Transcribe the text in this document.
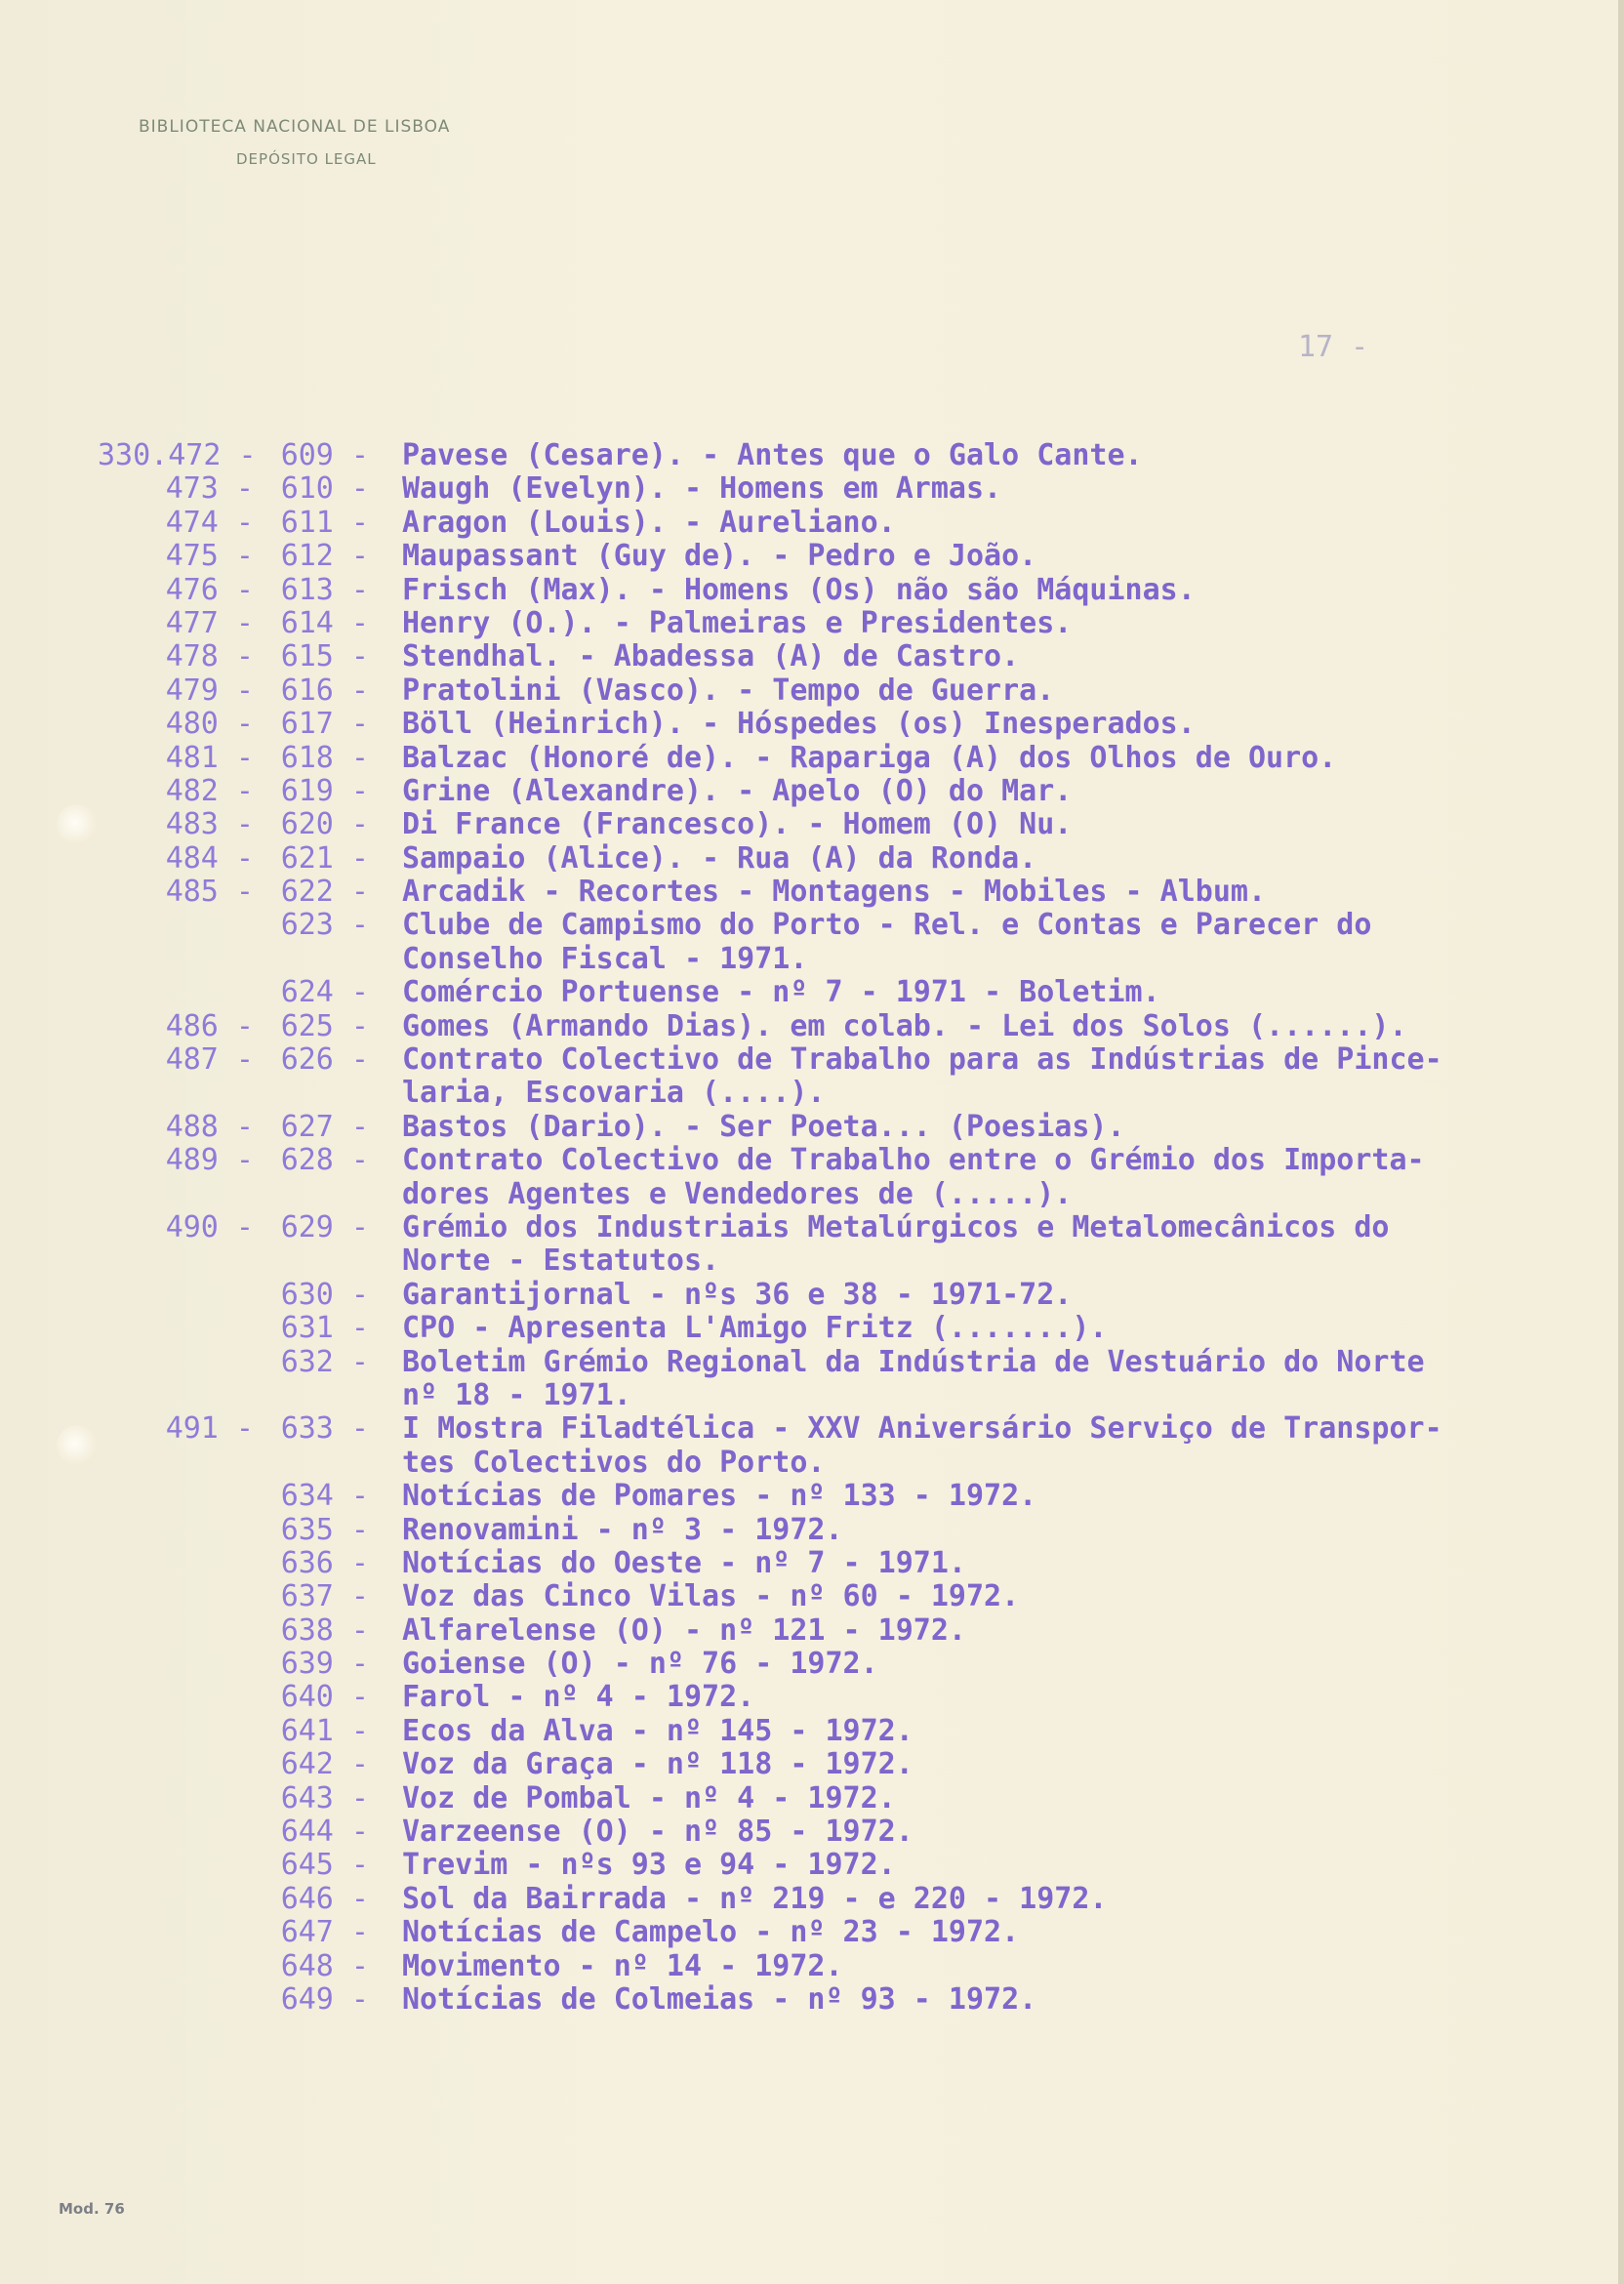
BIBLIOTECA NACIONAL DE LISBOA
DEPÓSITO LEGAL
17 -
330.472 - 609 - Pavese (Cesare). - Antes que o Galo Cante.
473 - 610 - Waugh (Evelyn). - Homens em Armas.
474 - 611 - Aragon (Louis). - Aureliano.
475 - 612 - Maupassant (Guy de). - Pedro e João.
476 - 613 - Frisch (Max). - Homens (Os) não são Máquinas.
477 - 614 - Henry (O.). - Palmeiras e Presidentes.
478 - 615 - Stendhal. - Abadessa (A) de Castro.
479 - 616 - Pratolini (Vasco). - Tempo de Guerra.
480 - 617 - Böll (Heinrich). - Hóspedes (os) Inesperados.
481 - 618 - Balzac (Honoré de). - Rapariga (A) dos Olhos de Ouro.
482 - 619 - Grine (Alexandre). - Apelo (O) do Mar.
483 - 620 - Di France (Francesco). - Homem (O) Nu.
484 - 621 - Sampaio (Alice). - Rua (A) da Ronda.
485 - 622 - Arcadik - Recortes - Montagens - Mobiles - Album.
623 - Clube de Campismo do Porto - Rel. e Contas e Parecer do
Conselho Fiscal - 1971.
624 - Comércio Portuense - nº 7 - 1971 - Boletim.
486 - 625 - Gomes (Armando Dias). em colab. - Lei dos Solos (......).
487 - 626 - Contrato Colectivo de Trabalho para as Indústrias de Pince-
laria, Escovaria (....).
488 - 627 - Bastos (Dario). - Ser Poeta... (Poesias).
489 - 628 - Contrato Colectivo de Trabalho entre o Grémio dos Importa-
dores Agentes e Vendedores de (.....).
490 - 629 - Grémio dos Industriais Metalúrgicos e Metalomecânicos do
Norte - Estatutos.
630 - Garantijornal - nºs 36 e 38 - 1971-72.
631 - CPO - Apresenta L'Amigo Fritz (.......).
632 - Boletim Grémio Regional da Indústria de Vestuário do Norte
nº 18 - 1971.
491 - 633 - I Mostra Filadtélica - XXV Aniversário Serviço de Transpor-
tes Colectivos do Porto.
634 - Notícias de Pomares - nº 133 - 1972.
635 - Renovamini - nº 3 - 1972.
636 - Notícias do Oeste - nº 7 - 1971.
637 - Voz das Cinco Vilas - nº 60 - 1972.
638 - Alfarelense (O) - nº 121 - 1972.
639 - Goiense (O) - nº 76 - 1972.
640 - Farol - nº 4 - 1972.
641 - Ecos da Alva - nº 145 - 1972.
642 - Voz da Graça - nº 118 - 1972.
643 - Voz de Pombal - nº 4 - 1972.
644 - Varzeense (O) - nº 85 - 1972.
645 - Trevim - nºs 93 e 94 - 1972.
646 - Sol da Bairrada - nº 219 - e 220 - 1972.
647 - Notícias de Campelo - nº 23 - 1972.
648 - Movimento - nº 14 - 1972.
649 - Notícias de Colmeias - nº 93 - 1972.
Mod. 76
